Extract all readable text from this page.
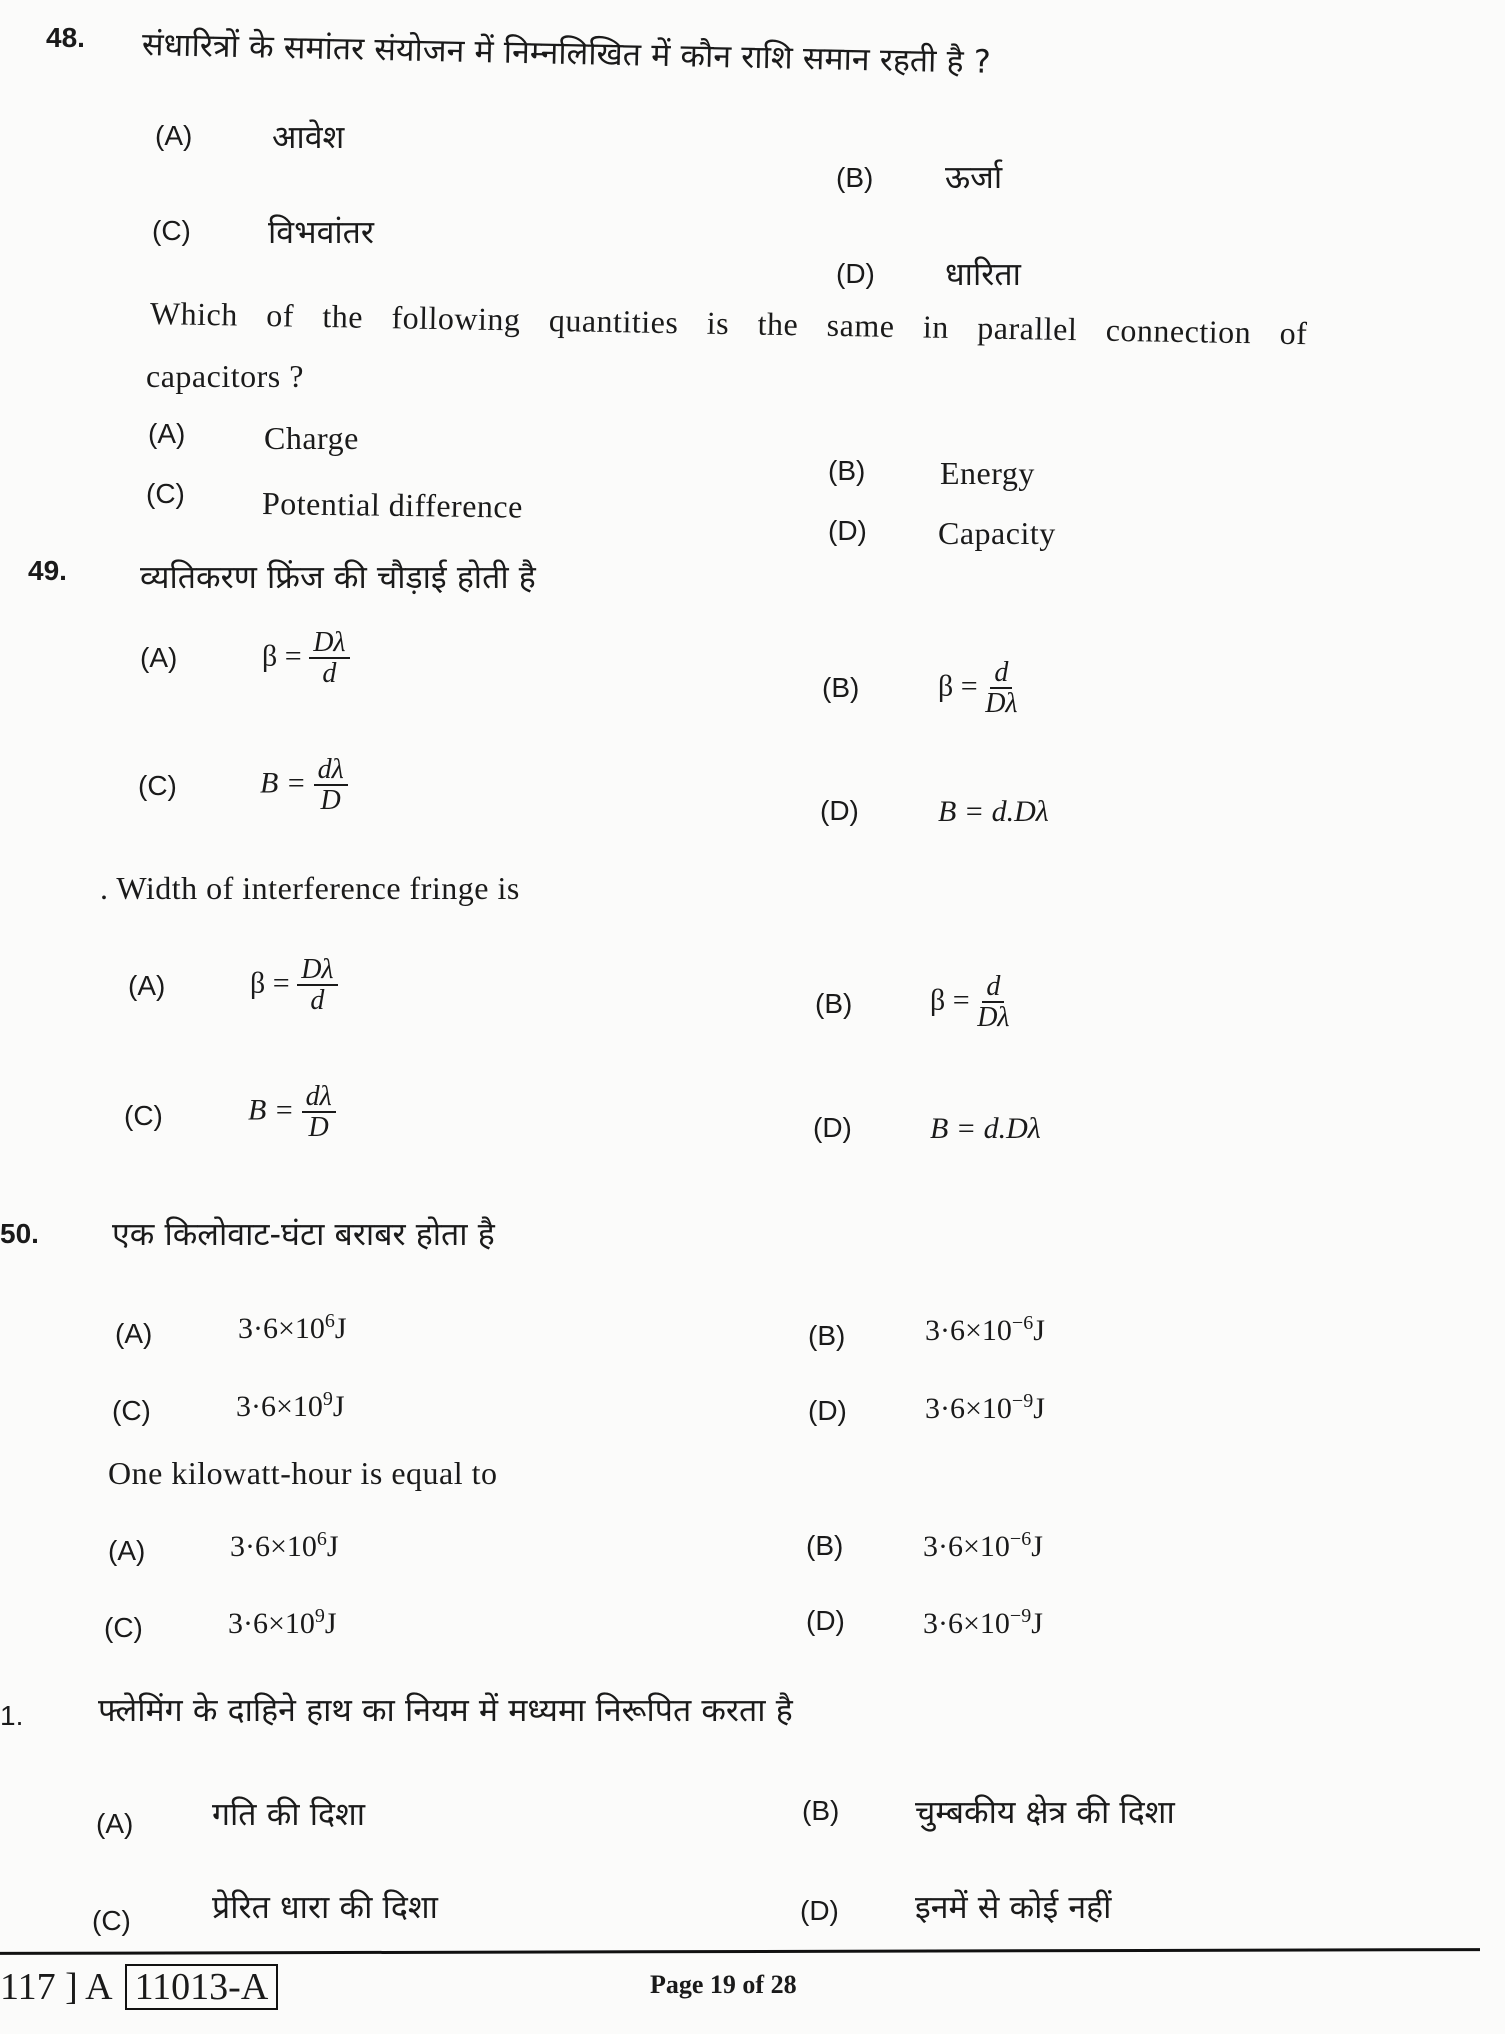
48. संधारित्रों के समांतर संयोजन में निम्नलिखित में कौन राशि समान रहती है ?
(A) आवेश
(B) ऊर्जा
(C) विभवांतर
(D) धारिता
Which of the following quantities is the same in parallel connection of
capacitors ?
(A) Charge
(B) Energy
(C) Potential difference
(D) Capacity
49. व्यतिकरण फ्रिंज की चौड़ाई होती है
(A)	$\beta = \frac{D\lambda}{d}$	(B)	$\beta = \frac{d}{D\lambda}$
(C)	$B = \frac{d\lambda}{D}$	(D)	B = d.Dλ
. Width of interference fringe is
(A)	$\beta = \frac{D\lambda}{d}$	(B)	$\beta = \frac{d}{D\lambda}$
(C)	$B = \frac{d\lambda}{D}$	(D)	B = d.Dλ
50. एक किलोवाट-घंटा बराबर होता है
(A)	$3\cdot 6\times 10^6J$	(B)	$3\cdot 6\times 10^{-6}J$
(C)	$3\cdot 6\times 10^9J$	(D)	$3\cdot 6\times 10^{-9}J$
One kilowatt-hour is equal to
(A)	$3\cdot 6\times 10^6J$	(B)	$3\cdot 6\times 10^{-6}J$
(C)	$3\cdot 6\times 10^9J$	(D)	$3\cdot 6\times 10^{-9}J$
1. फ्लेमिंग के दाहिने हाथ का नियम में मध्यमा निरूपित करता है
(A) गति की दिशा	(B) चुम्बकीय क्षेत्र की दिशा
(C)	प्रेरित धारा की दिशा	(D) इनमें से कोई नहीं
117 ] A 11013-A	Page 19 of 28
